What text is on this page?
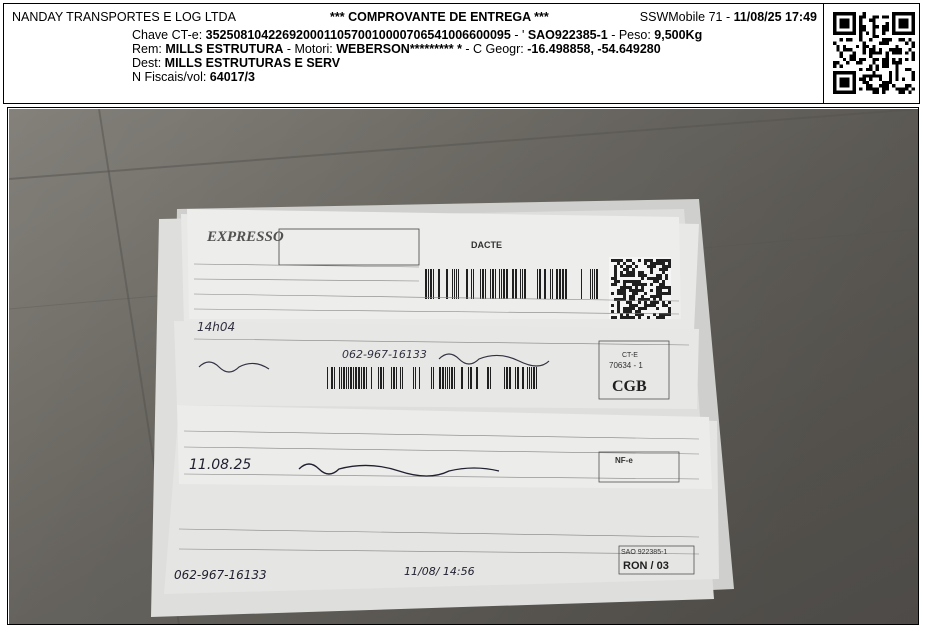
NANDAY TRANSPORTES E LOG LTDA	*** COMPROVANTE DE ENTREGA ***	SSWMobile 71 - 11/08/25 17:49
Chave CT-e: 35250810422692000110570010000706541006600095 - ' SAO922385-1 - Peso: 9,500Kg
Rem: MILLS ESTRUTURA - Motori: WEBERSON********* * - C Geogr: -16.498858, -54.649280
Dest: MILLS ESTRUTURAS E SERV
N Fiscais/vol: 64017/3
EXPRESSO	DACTE
14h04
062-967-16133	CT-E
70634 - 1
CGB
NF-e
11.08.25
SAO 922385-1
RON / 03
062-967-16133	11/08/ 14:56
